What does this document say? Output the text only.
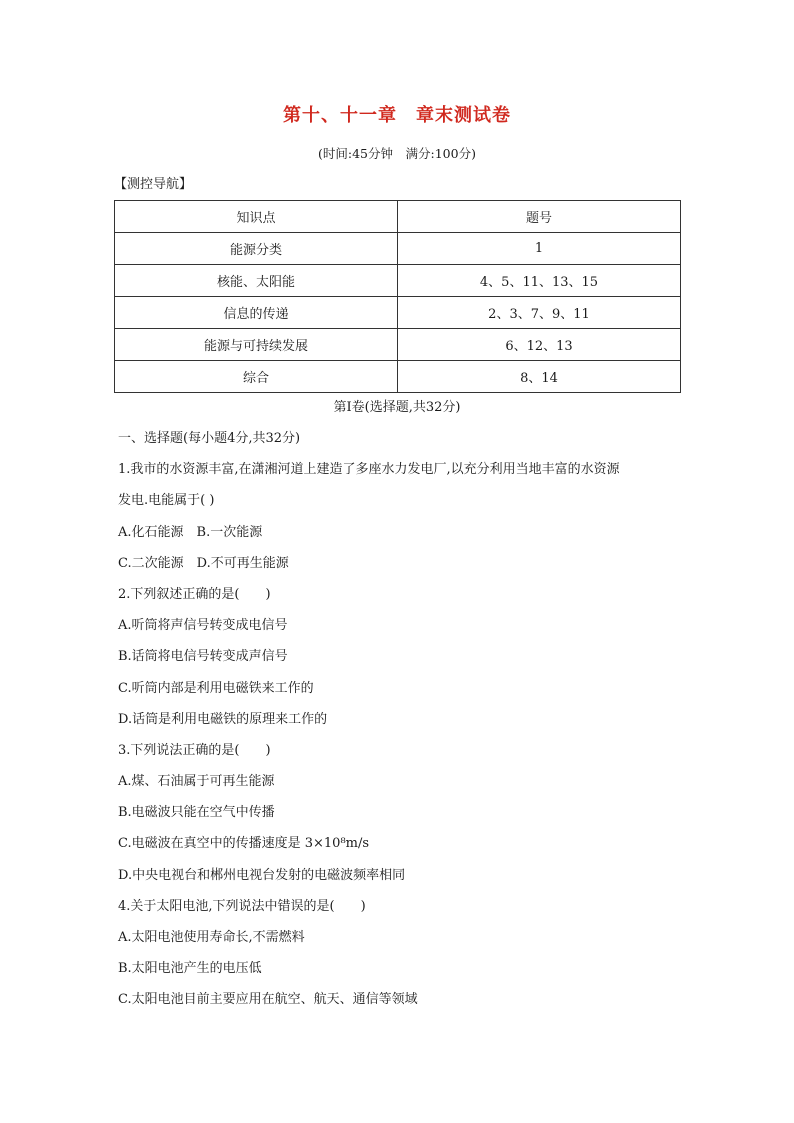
第十、十一章　章末测试卷
(时间:45分钟　满分:100分)
【测控导航】
知识点	题号
能源分类	1
核能、太阳能	4、5、11、13、15
信息的传递	2、3、7、9、11
能源与可持续发展	6、12、13
综合	8、14
第Ⅰ卷(选择题,共32分)
一、选择题(每小题4分,共32分)
1.我市的水资源丰富,在潇湘河道上建造了多座水力发电厂,以充分利用当地丰富的水资源
发电.电能属于( )
A.化石能源　B.一次能源
C.二次能源　D.不可再生能源
2.下列叙述正确的是(　　)
A.听筒将声信号转变成电信号
B.话筒将电信号转变成声信号
C.听筒内部是利用电磁铁来工作的
D.话筒是利用电磁铁的原理来工作的
3.下列说法正确的是(　　)
A.煤、石油属于可再生能源
B.电磁波只能在空气中传播
C.电磁波在真空中的传播速度是 3×10⁸m/s
D.中央电视台和郴州电视台发射的电磁波频率相同
4.关于太阳电池,下列说法中错误的是(　　)
A.太阳电池使用寿命长,不需燃料
B.太阳电池产生的电压低
C.太阳电池目前主要应用在航空、航天、通信等领域
